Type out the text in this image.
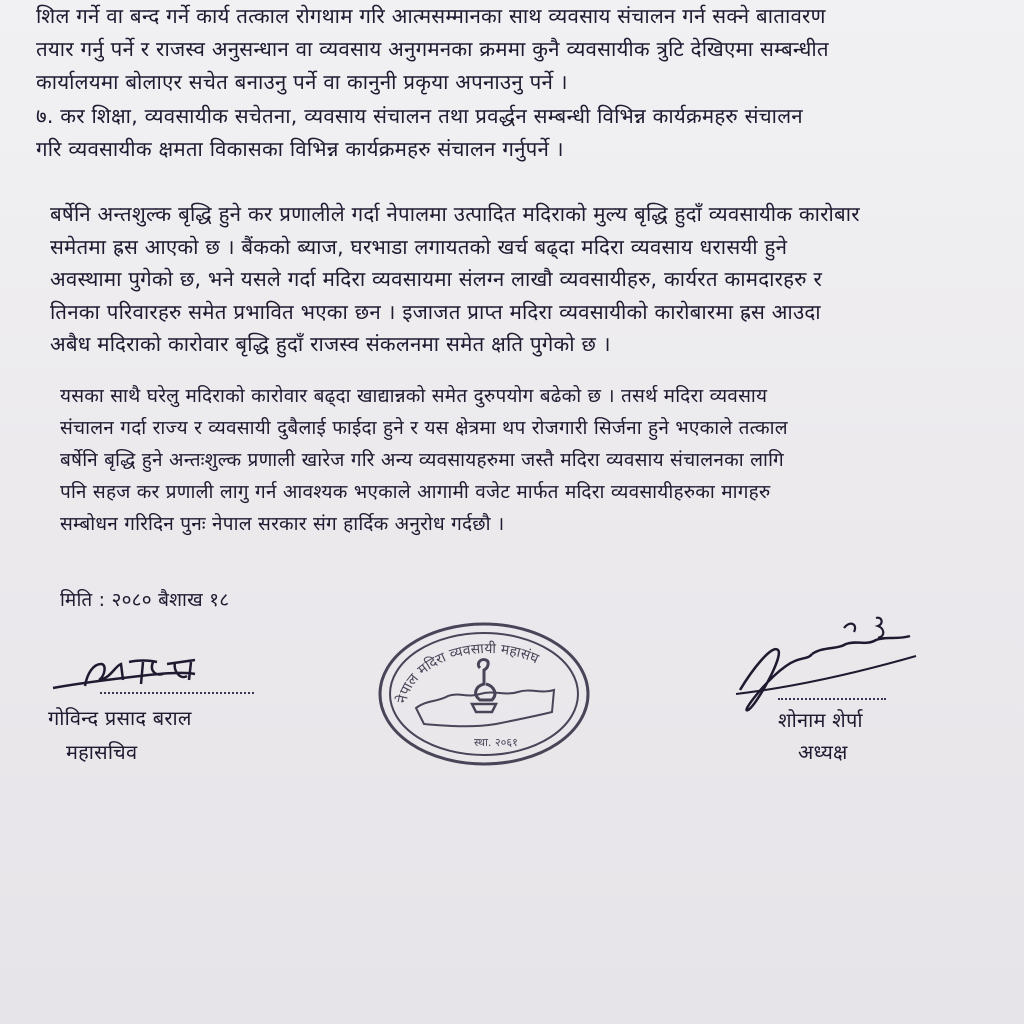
शिल गर्ने वा बन्द गर्ने कार्य तत्काल रोगथाम गरि आत्मसम्मानका साथ व्यवसाय संचालन गर्न सक्ने बातावरण
तयार गर्नु पर्ने र राजस्व अनुसन्धान वा व्यवसाय अनुगमनका क्रममा कुनै व्यवसायीक त्रुटि देखिएमा सम्बन्धीत
कार्यालयमा बोलाएर सचेत बनाउनु पर्ने वा कानुनी प्रकृया अपनाउनु पर्ने ।
७. कर शिक्षा, व्यवसायीक सचेतना, व्यवसाय संचालन तथा प्रवर्द्धन सम्बन्धी विभिन्न कार्यक्रमहरु संचालन
गरि व्यवसायीक क्षमता विकासका विभिन्न कार्यक्रमहरु संचालन गर्नुपर्ने ।
बर्षेनि अन्तशुल्क बृद्धि हुने कर प्रणालीले गर्दा नेपालमा उत्पादित मदिराको मुल्य बृद्धि हुदाँ व्यवसायीक कारोबार
समेतमा ह्रस आएको छ । बैंकको ब्याज, घरभाडा लगायतको खर्च बढ्दा मदिरा व्यवसाय धरासयी हुने
अवस्थामा पुगेको छ, भने यसले गर्दा मदिरा व्यवसायमा संलग्न लाखौ व्यवसायीहरु, कार्यरत कामदारहरु र
तिनका परिवारहरु समेत प्रभावित भएका छन । इजाजत प्राप्त मदिरा व्यवसायीको कारोबारमा ह्रस आउदा
अबैध मदिराको कारोवार बृद्धि हुदाँ राजस्व संकलनमा समेत क्षति पुगेको छ ।
यसका साथै घरेलु मदिराको कारोवार बढ्दा खाद्यान्नको समेत दुरुपयोग बढेको छ । तसर्थ मदिरा व्यवसाय
संचालन गर्दा राज्य र व्यवसायी दुबैलाई फाईदा हुने र यस क्षेत्रमा थप रोजगारी सिर्जना हुने भएकाले तत्काल
बर्षेनि बृद्धि हुने अन्तःशुल्क प्रणाली खारेज गरि अन्य व्यवसायहरुमा जस्तै मदिरा व्यवसाय संचालनका लागि
पनि सहज कर प्रणाली लागु गर्न आवश्यक भएकाले आगामी वजेट मार्फत मदिरा व्यवसायीहरुका मागहरु
सम्बोधन गरिदिन पुनः नेपाल सरकार संग हार्दिक अनुरोध गर्दछौ ।
मिति : २०८० बैशाख १८
गोविन्द प्रसाद बराल
महासचिव
नेपाल मदिरा व्यवसायी महासंघ
स्था. २०६१
शोनाम शेर्पा
अध्यक्ष
